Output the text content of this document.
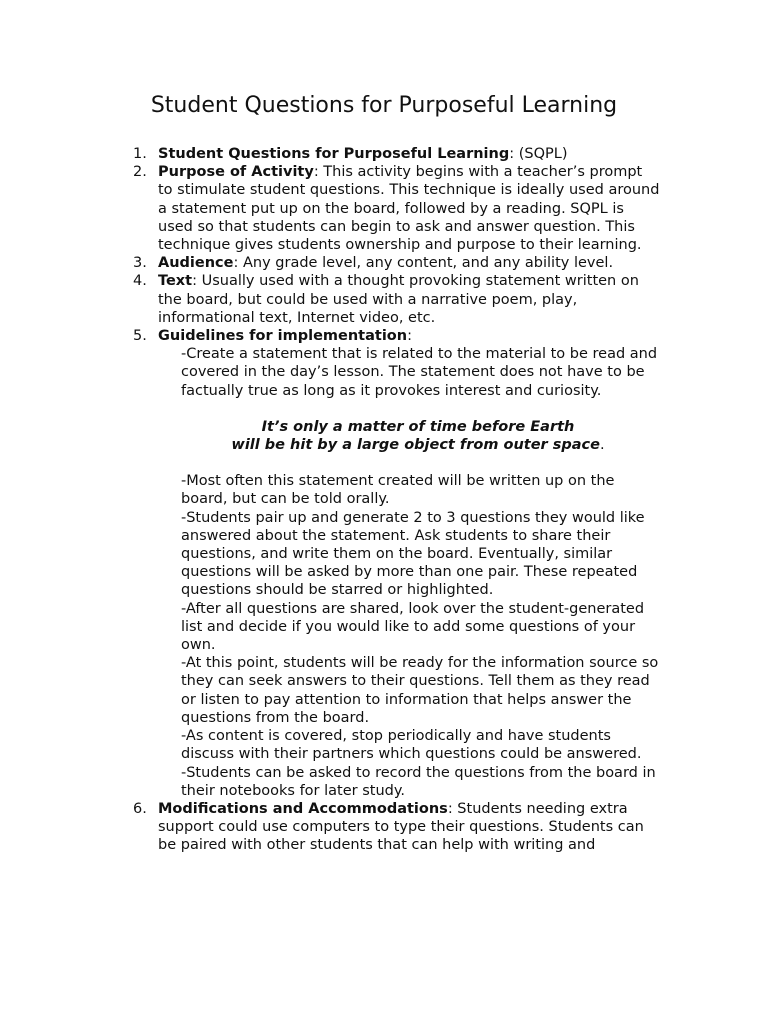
Student Questions for Purposeful Learning
1. Student Questions for Purposeful Learning: (SQPL)
2. Purpose of Activity: This activity begins with a teacher’s prompt to stimulate student questions. This technique is ideally used around a statement put up on the board, followed by a reading. SQPL is used so that students can begin to ask and answer question. This technique gives students ownership and purpose to their learning.
3. Audience: Any grade level, any content, and any ability level.
4. Text: Usually used with a thought provoking statement written on the board, but could be used with a narrative poem, play, informational text, Internet video, etc.
5. Guidelines for implementation:

-Create a statement that is related to the material to be read and covered in the day’s lesson. The statement does not have to be factually true as long as it provokes interest and curiosity.

It’s only a matter of time before Earth
will be hit by a large object from outer space.

-Most often this statement created will be written up on the board, but can be told orally.

-Students pair up and generate 2 to 3 questions they would like answered about the statement. Ask students to share their questions, and write them on the board. Eventually, similar questions will be asked by more than one pair. These repeated questions should be starred or highlighted.

-After all questions are shared, look over the student-generated list and decide if you would like to add some questions of your own.

-At this point, students will be ready for the information source so they can seek answers to their questions. Tell them as they read or listen to pay attention to information that helps answer the questions from the board.

-As content is covered, stop periodically and have students discuss with their partners which questions could be answered.

-Students can be asked to record the questions from the board in their notebooks for later study.

6. Modifications and Accommodations: Students needing extra support could use computers to type their questions. Students can be paired with other students that can help with writing and
